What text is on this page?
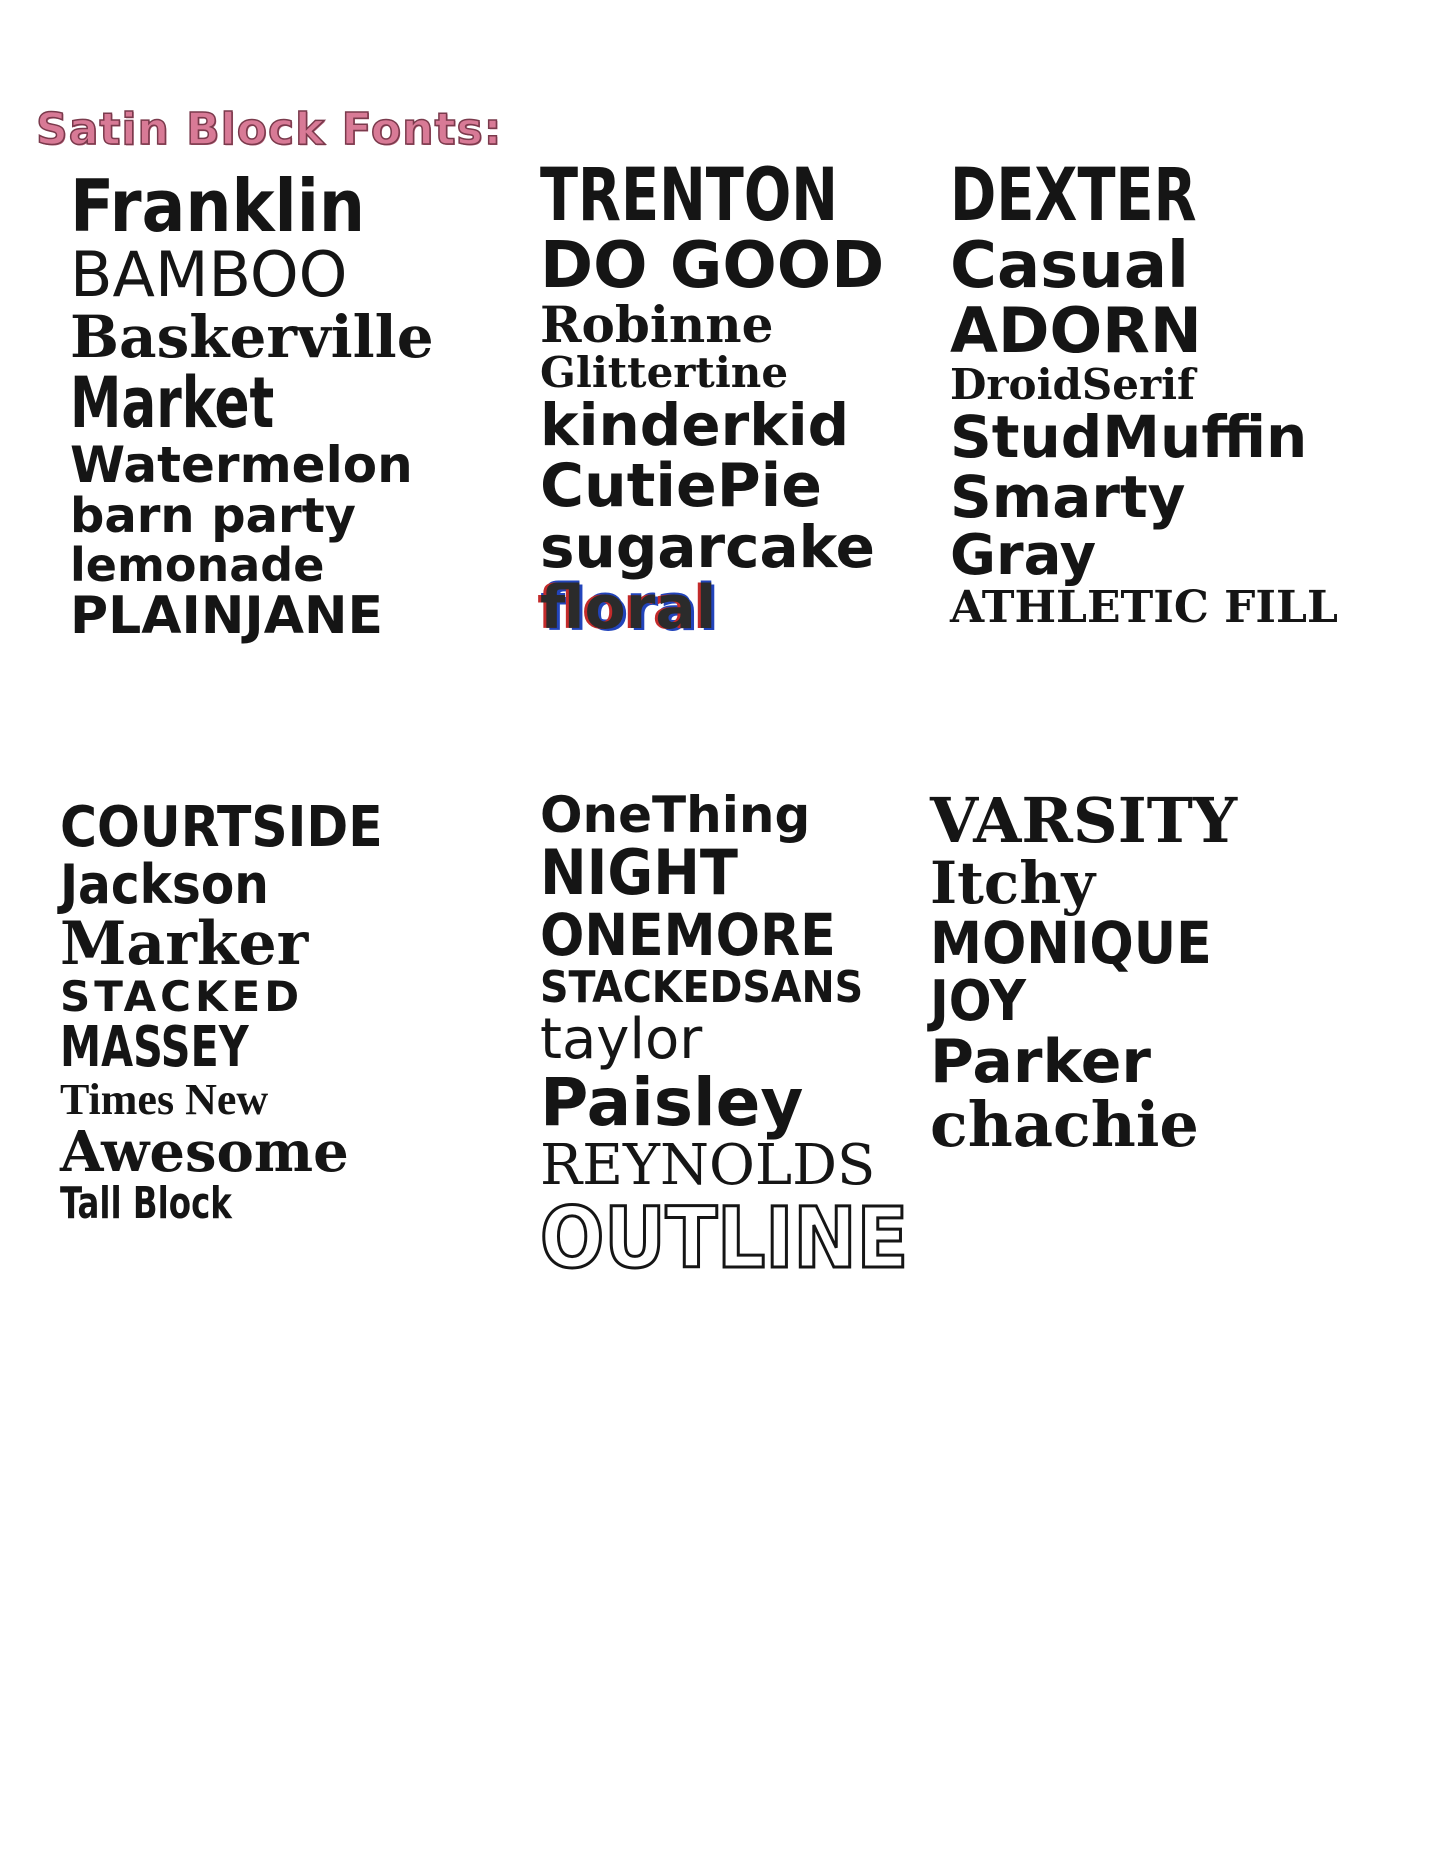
Satin Block Fonts:
Franklin
BAMBOO
Baskerville
Market
Watermelon
barn party
lemonade
PLAINJANE
TRENTON
DO GOOD
Robinne
Glittertine
kinderkid
CutiePie
sugarcake
floral
DEXTER
Casual
ADORN
DroidSerif
StudMuffin
Smarty
Gray
ATHLETIC FILL
COURTSIDE
Jackson
Marker
STACKED
MASSEY
Times New
Awesome
Tall Block
OneThing
NIGHT
ONEMORE
STACKEDSANS
taylor
Paisley
REYNOLDS
OUTLINE
VARSITY
Itchy
MONIQUE
JOY
Parker
chachie
